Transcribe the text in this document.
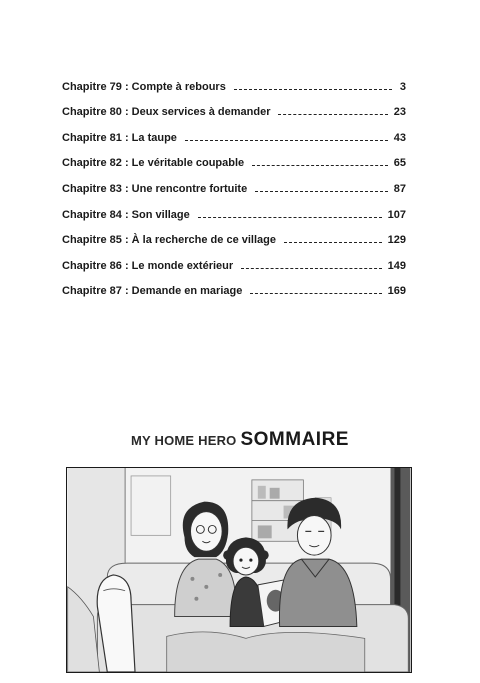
Chapitre 79 : Compte à rebours	3
Chapitre 80 : Deux services à demander	23
Chapitre 81 : La taupe	43
Chapitre 82 : Le véritable coupable	65
Chapitre 83 : Une rencontre fortuite	87
Chapitre 84 : Son village	107
Chapitre 85 : À la recherche de ce village	129
Chapitre 86 : Le monde extérieur	149
Chapitre 87 : Demande en mariage	169
MY HOME HERO SOMMAIRE
